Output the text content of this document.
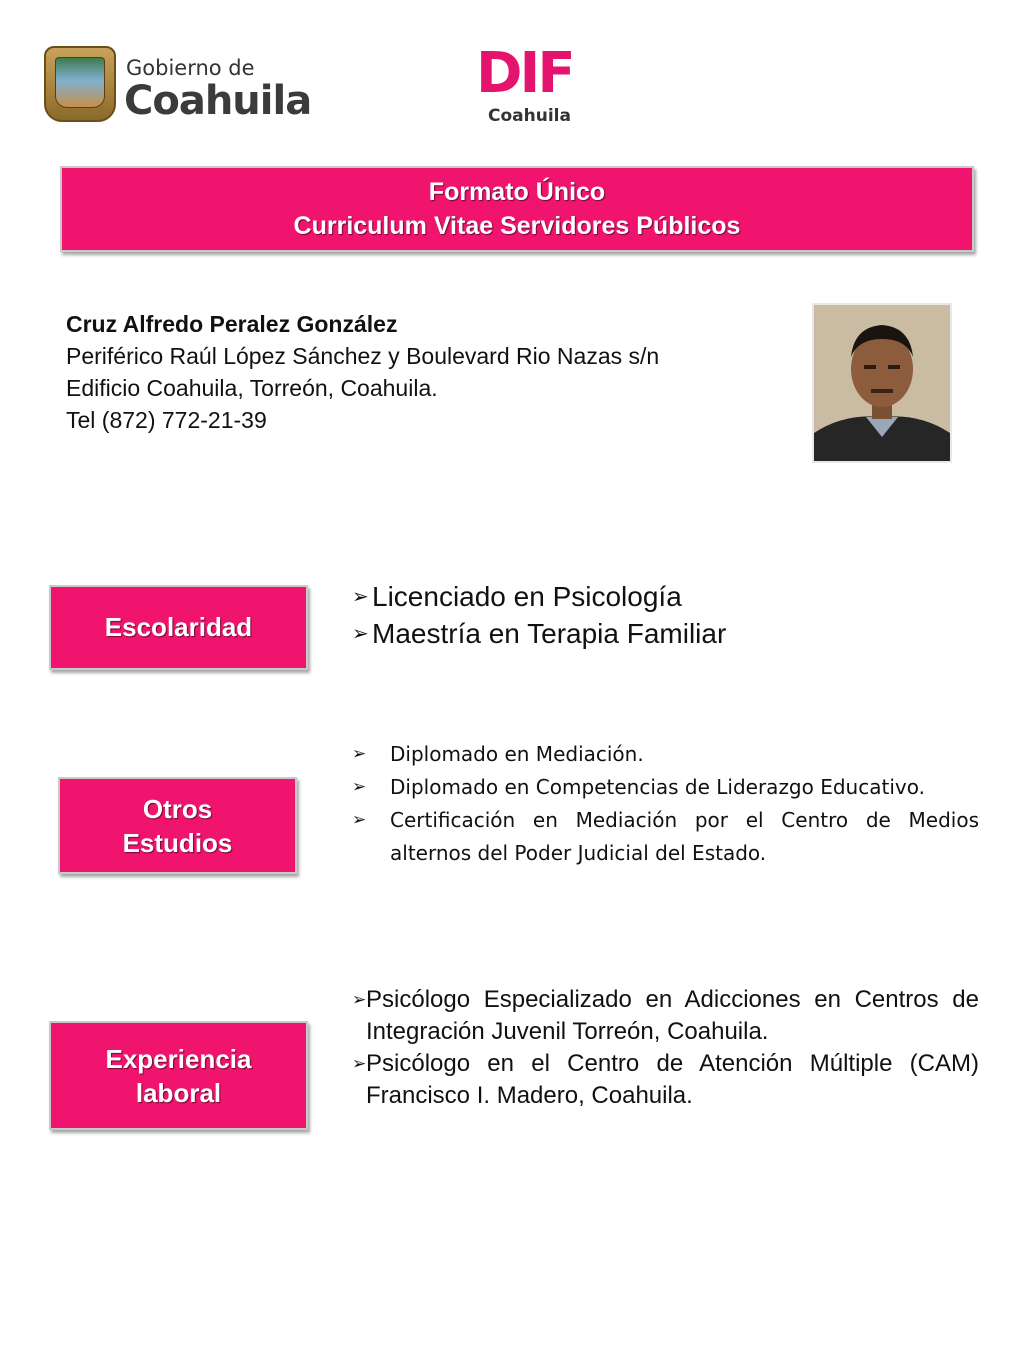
Gobierno de
Coahuila	DIF
Coahuila
Formato Único
Curriculum Vitae Servidores Públicos
Cruz Alfredo Peralez González
Periférico Raúl López Sánchez y Boulevard Rio Nazas s/n
Edificio Coahuila, Torreón, Coahuila.
Tel (872) 772-21-39
Escolaridad
➢ Licenciado en Psicología
➢ Maestría en Terapia Familiar
Otros
Estudios
➢ Diplomado en Mediación.
➢ Diplomado en Competencias de Liderazgo Educativo.
➢ Certificación en Mediación por el Centro de Medios alternos del Poder Judicial del Estado.
Experiencia
laboral
➢ Psicólogo Especializado en Adicciones en Centros de Integración Juvenil Torreón, Coahuila.
➢ Psicólogo en el Centro de Atención Múltiple (CAM) Francisco I. Madero, Coahuila.
